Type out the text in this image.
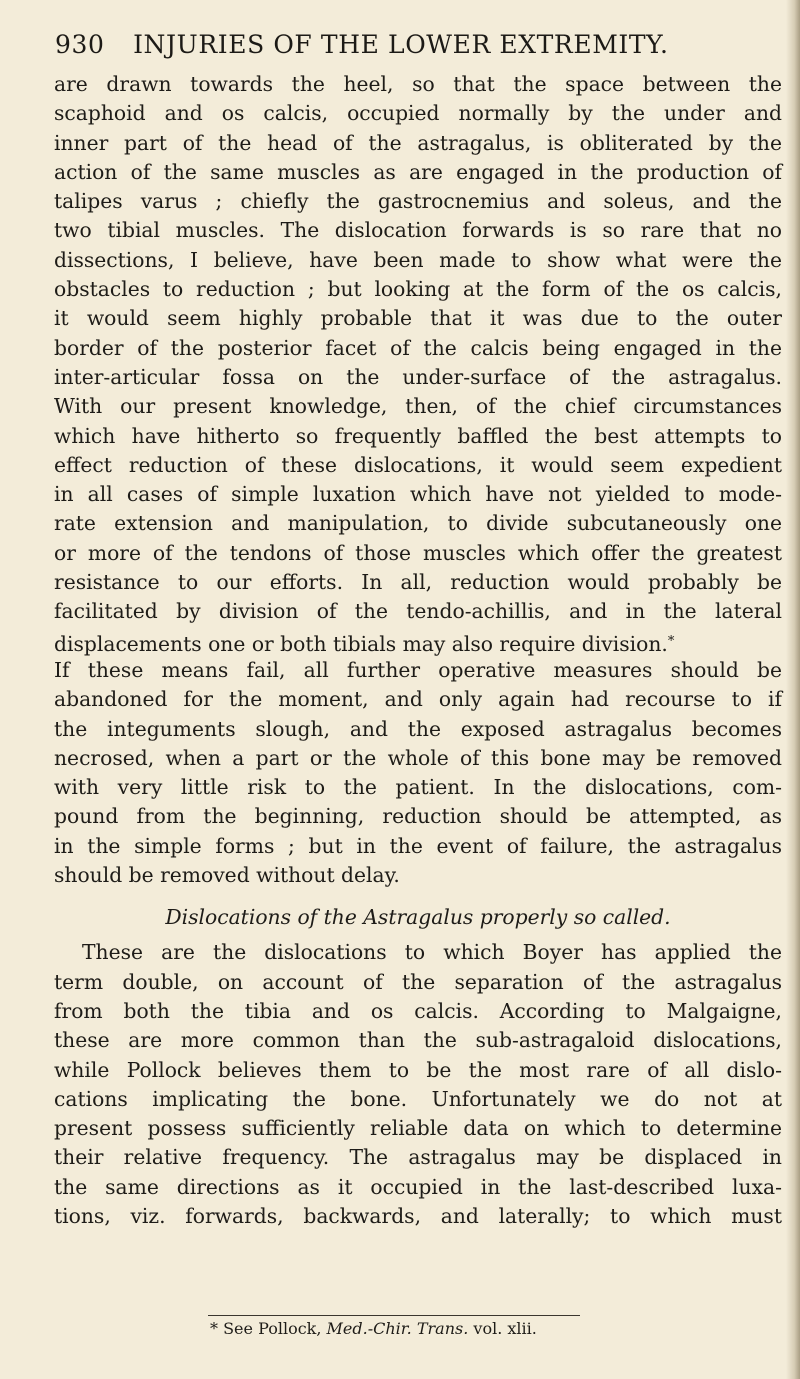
930 INJURIES OF THE LOWER EXTREMITY.
are drawn towards the heel, so that the space between the
scaphoid and os calcis, occupied normally by the under and
inner part of the head of the astragalus, is obliterated by the
action of the same muscles as are engaged in the production of
talipes varus ; chiefly the gastrocnemius and soleus, and the
two tibial muscles. The dislocation forwards is so rare that no
dissections, I believe, have been made to show what were the
obstacles to reduction ; but looking at the form of the os calcis,
it would seem highly probable that it was due to the outer
border of the posterior facet of the calcis being engaged in the
inter-articular fossa on the under-surface of the astragalus.
With our present knowledge, then, of the chief circumstances
which have hitherto so frequently baffled the best attempts to
effect reduction of these dislocations, it would seem expedient
in all cases of simple luxation which have not yielded to mode-
rate extension and manipulation, to divide subcutaneously one
or more of the tendons of those muscles which offer the greatest
resistance to our efforts. In all, reduction would probably be
facilitated by division of the tendo-achillis, and in the lateral
displacements one or both tibials may also require division.*
If these means fail, all further operative measures should be
abandoned for the moment, and only again had recourse to if
the integuments slough, and the exposed astragalus becomes
necrosed, when a part or the whole of this bone may be removed
with very little risk to the patient. In the dislocations, com-
pound from the beginning, reduction should be attempted, as
in the simple forms ; but in the event of failure, the astragalus
should be removed without delay.
Dislocations of the Astragalus properly so called.
These are the dislocations to which Boyer has applied the
term double, on account of the separation of the astragalus
from both the tibia and os calcis. According to Malgaigne,
these are more common than the sub-astragaloid dislocations,
while Pollock believes them to be the most rare of all dislo-
cations implicating the bone. Unfortunately we do not at
present possess sufficiently reliable data on which to determine
their relative frequency. The astragalus may be displaced in
the same directions as it occupied in the last-described luxa-
tions, viz. forwards, backwards, and laterally; to which must
* See Pollock, Med.-Chir. Trans. vol. xlii.
